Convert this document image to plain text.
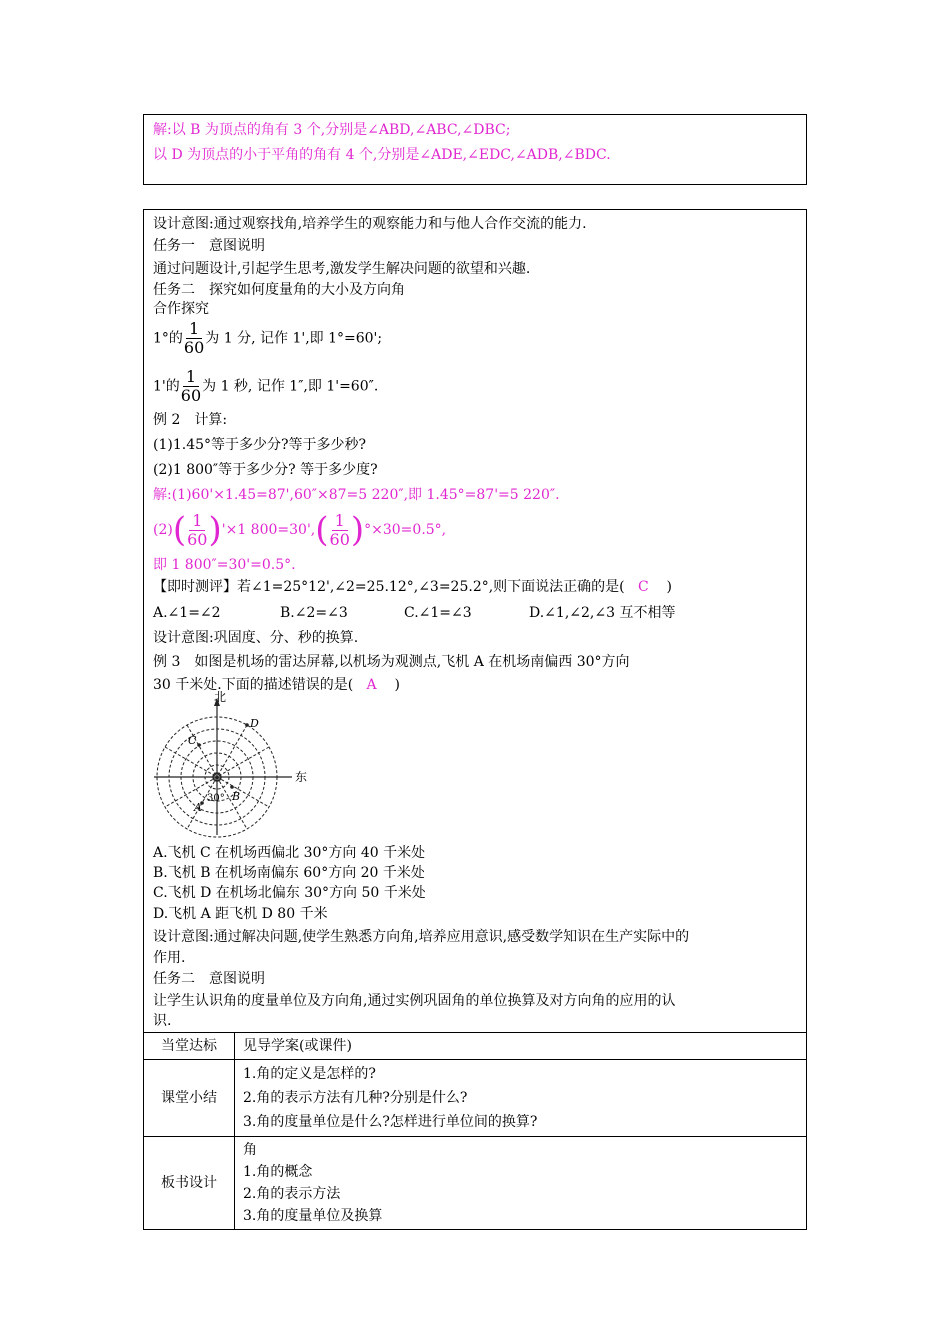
解:以 B 为顶点的角有 3 个,分别是∠ABD,∠ABC,∠DBC;
以 D 为顶点的小于平角的角有 4 个,分别是∠ADE,∠EDC,∠ADB,∠BDC.
设计意图:通过观察找角,培养学生的观察能力和与他人合作交流的能力.
任务一　意图说明
通过问题设计,引起学生思考,激发学生解决问题的欲望和兴趣.
任务二　探究如何度量角的大小及方向角
合作探究
1°的 $\frac{1}{60}$ 为 1 分, 记作 1',即 1°=60';
1'的 $\frac{1}{60}$ 为 1 秒, 记作 1″,即 1'=60″.
例 2　计算:
(1)1.45°等于多少分?等于多少秒?
(2)1 800″等于多少分? 等于多少度?
解:(1)60'×1.45=87',60″×87=5 220″,即 1.45°=87'=5 220″.
$(2)( \frac{1}{60} )'\times 1$ $800=30',( \frac{1}{60} )^\circ\times 30=0.5^\circ$,
即 1 800″=30'=0.5°.
【即时测评】若∠1=25°12',∠2=25.12°,∠3=25.2°,则下面说法正确的是( C )
A.∠1=∠2	B.∠2=∠3	C.∠1=∠3	D.∠1,∠2,∠3 互不相等
设计意图:巩固度、分、秒的换算.
例 3　如图是机场的雷达屏幕,以机场为观测点,飞机 A 在机场南偏西 30°方向
30 千米处.下面的描述错误的是( A )
北
东
D
C
B
A
30°
A.飞机 C 在机场西偏北 30°方向 40 千米处
B.飞机 B 在机场南偏东 60°方向 20 千米处
C.飞机 D 在机场北偏东 30°方向 50 千米处
D.飞机 A 距飞机 D 80 千米
设计意图:通过解决问题,使学生熟悉方向角,培养应用意识,感受数学知识在生产实际中的
作用.
任务二　意图说明
让学生认识角的度量单位及方向角,通过实例巩固角的单位换算及对方向角的应用的认
识.
当堂达标	见导学案(或课件)
课堂小结	1.角的定义是怎样的?
2.角的表示方法有几种?分别是什么?
3.角的度量单位是什么?怎样进行单位间的换算?

板书设计	角
1.角的概念
2.角的表示方法
3.角的度量单位及换算
